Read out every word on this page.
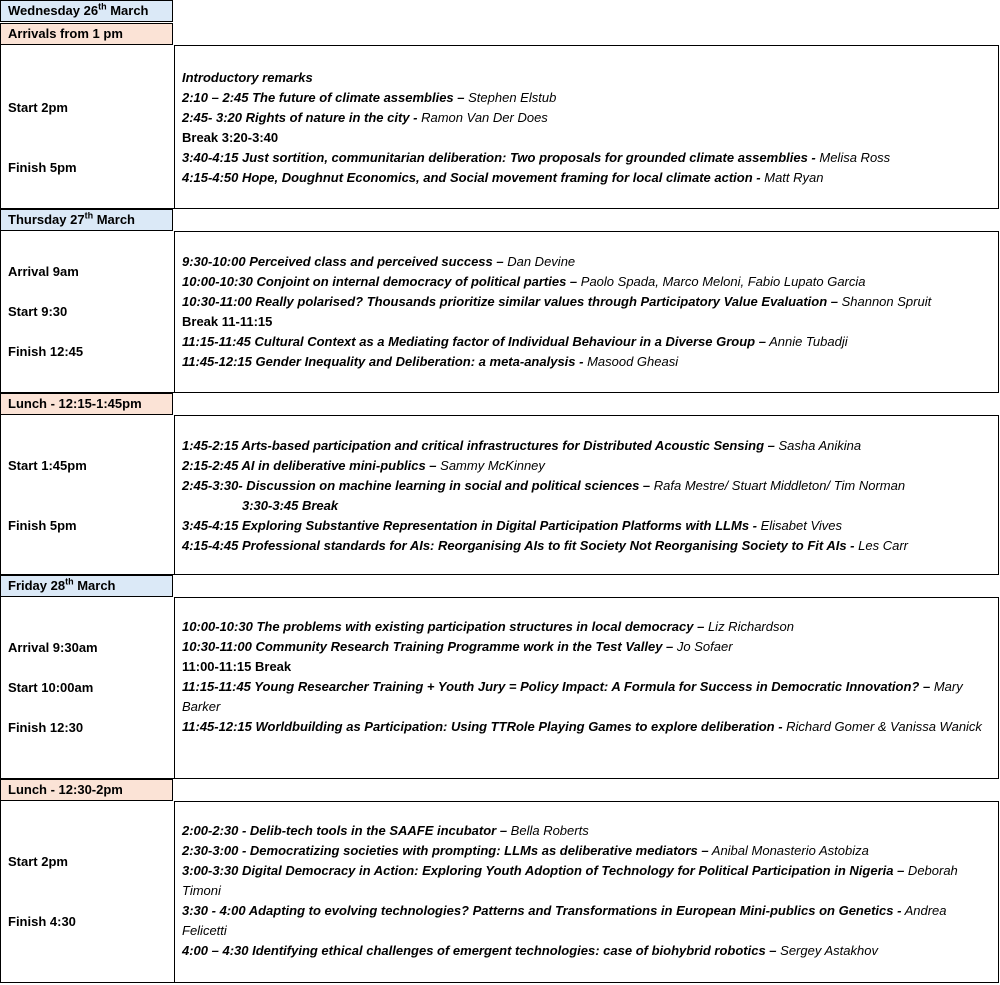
Wednesday 26th March
Arrivals from 1 pm
Start 2pm
Finish 5pm
Introductory remarks
2:10 – 2:45 The future of climate assemblies – Stephen Elstub
2:45- 3:20 Rights of nature in the city - Ramon Van Der Does
Break 3:20-3:40
3:40-4:15 Just sortition, communitarian deliberation: Two proposals for grounded climate assemblies - Melisa Ross
4:15-4:50 Hope, Doughnut Economics, and Social movement framing for local climate action - Matt Ryan
Thursday 27th March
Arrival 9am
Start 9:30
Finish 12:45
9:30-10:00 Perceived class and perceived success – Dan Devine
10:00-10:30 Conjoint on internal democracy of political parties – Paolo Spada, Marco Meloni, Fabio Lupato Garcia
10:30-11:00 Really polarised? Thousands prioritize similar values through Participatory Value Evaluation – Shannon Spruit
Break 11-11:15
11:15-11:45 Cultural Context as a Mediating factor of Individual Behaviour in a Diverse Group – Annie Tubadji
11:45-12:15 Gender Inequality and Deliberation: a meta-analysis - Masood Gheasi
Lunch - 12:15-1:45pm
Start 1:45pm
Finish 5pm
1:45-2:15 Arts-based participation and critical infrastructures for Distributed Acoustic Sensing – Sasha Anikina
2:15-2:45 AI in deliberative mini-publics – Sammy McKinney
2:45-3:30- Discussion on machine learning in social and political sciences – Rafa Mestre/ Stuart Middleton/ Tim Norman
3:30-3:45 Break
3:45-4:15 Exploring Substantive Representation in Digital Participation Platforms with LLMs - Elisabet Vives
4:15-4:45 Professional standards for AIs: Reorganising AIs to fit Society Not Reorganising Society to Fit AIs - Les Carr
Friday 28th March
Arrival 9:30am
Start 10:00am
Finish 12:30
10:00-10:30 The problems with existing participation structures in local democracy – Liz Richardson
10:30-11:00 Community Research Training Programme work in the Test Valley – Jo Sofaer
11:00-11:15 Break
11:15-11:45 Young Researcher Training + Youth Jury = Policy Impact: A Formula for Success in Democratic Innovation? – Mary Barker
11:45-12:15 Worldbuilding as Participation: Using TTRole Playing Games to explore deliberation - Richard Gomer & Vanissa Wanick
Lunch - 12:30-2pm
Start 2pm
Finish 4:30
2:00-2:30 - Delib-tech tools in the SAAFE incubator – Bella Roberts
2:30-3:00 - Democratizing societies with prompting: LLMs as deliberative mediators – Anibal Monasterio Astobiza
3:00-3:30 Digital Democracy in Action: Exploring Youth Adoption of Technology for Political Participation in Nigeria – Deborah Timoni
3:30 - 4:00 Adapting to evolving technologies? Patterns and Transformations in European Mini-publics on Genetics - Andrea Felicetti
4:00 – 4:30 Identifying ethical challenges of emergent technologies: case of biohybrid robotics – Sergey Astakhov
